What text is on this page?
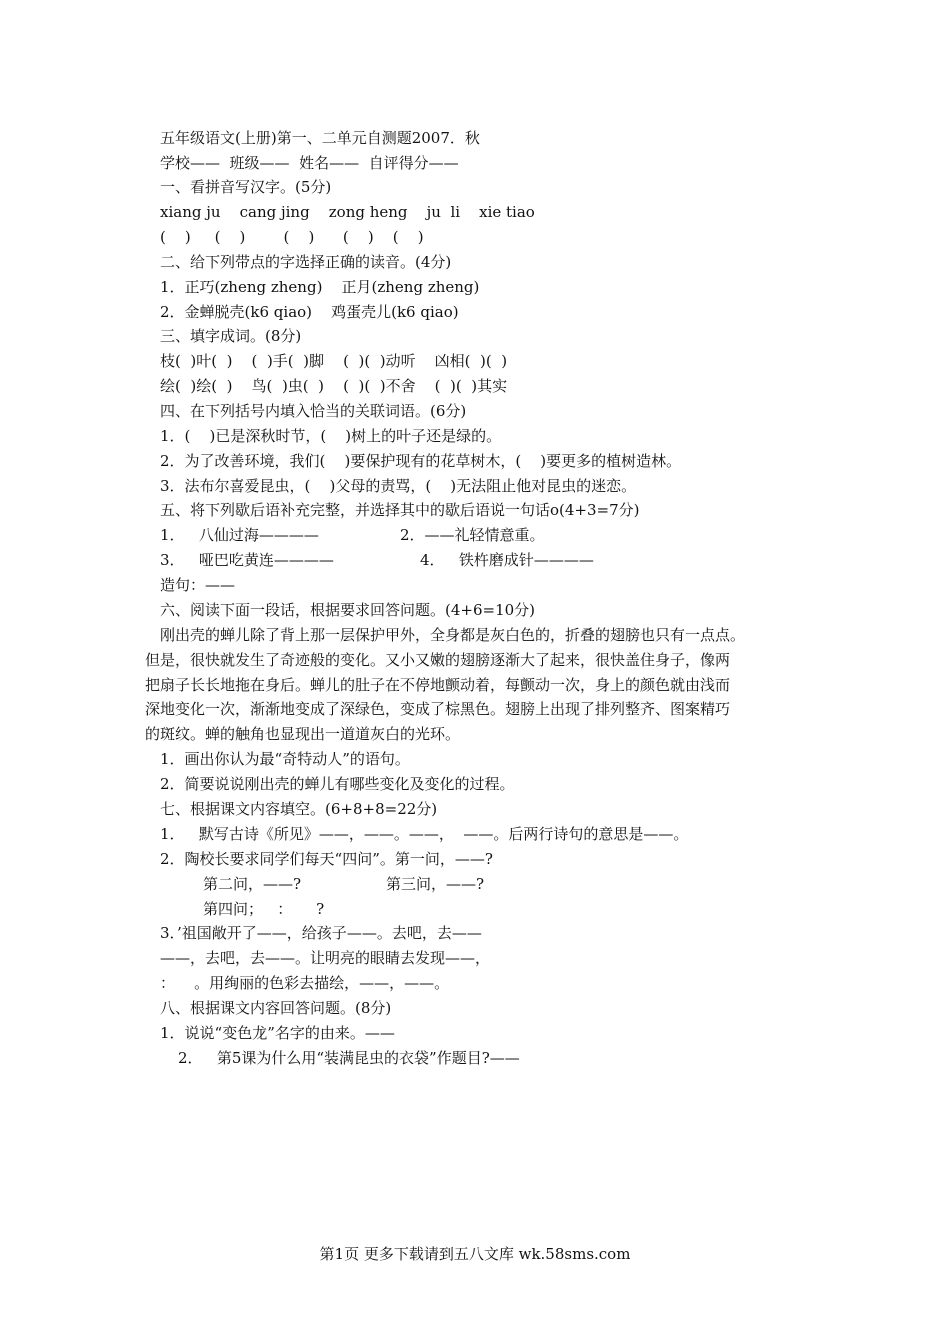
五年级语文(上册)第一、二单元自测题2007．秋
学校——  班级——  姓名——  自评得分——
一、看拼音写汉字。(5分)
xiang ju    cang jing    zong heng    ju  li    xie tiao
(    )     (    )        (    )      (    )    (    )
二、给下列带点的字选择正确的读音。(4分)
1．正巧(zheng zheng)    正月(zheng zheng)
2．金蝉脱壳(k6 qiao)    鸡蛋壳儿(k6 qiao)
三、填字成词。(8分)
枝(  )叶(  )    (  )手(  )脚    (  )(  )动听    凶相(  )(  )
绘(  )绘(  )    鸟(  )虫(  )    (  )(  )不舍    (  )(  )其实
四、在下列括号内填入恰当的关联词语。(6分)
1．(    )已是深秋时节，(    )树上的叶子还是绿的。
2．为了改善环境，我们(    )要保护现有的花草树木，(    )要更多的植树造林。
3．法布尔喜爱昆虫，(    )父母的责骂，(    )无法阻止他对昆虫的迷恋。
五、将下列歇后语补充完整，并选择其中的歇后语说一句话o(4+3=7分)
1．   八仙过海————	2．——礼轻情意重。
3．   哑巴吃黄连————	4．   铁杵磨成针————
造句：——
六、阅读下面一段话，根据要求回答问题。(4+6=10分)
刚出壳的蝉儿除了背上那一层保护甲外，全身都是灰白色的，折叠的翅膀也只有一点点。
但是，很快就发生了奇迹般的变化。又小又嫩的翅膀逐渐大了起来，很快盖住身子，像两
把扇子长长地拖在身后。蝉儿的肚子在不停地颤动着，每颤动一次，身上的颜色就由浅而
深地变化一次，渐渐地变成了深绿色，变成了棕黑色。翅膀上出现了排列整齐、图案精巧
的斑纹。蝉的触角也显现出一道道灰白的光环。
1．画出你认为最“奇特动人”的语句。
2．简要说说刚出壳的蝉儿有哪些变化及变化的过程。
七、根据课文内容填空。(6+8+8=22分)
1．   默写古诗《所见》——，——。——，  ——。后两行诗句的意思是——。
2．陶校长要求同学们每天“四问”。第一问，——?
第二问，——?	第三问，——?
第四问；   ：     ?
3．’祖国敞开了——，给孩子——。去吧，去——
——，去吧，去——。让明亮的眼睛去发现——，
：    。用绚丽的色彩去描绘，——，——。
八、根据课文内容回答问题。(8分)
1．说说“变色龙”名字的由来。——
2．   第5课为什么用“装满昆虫的衣袋”作题目?——
第1页 更多下载请到五八文库 wk.58sms.com
